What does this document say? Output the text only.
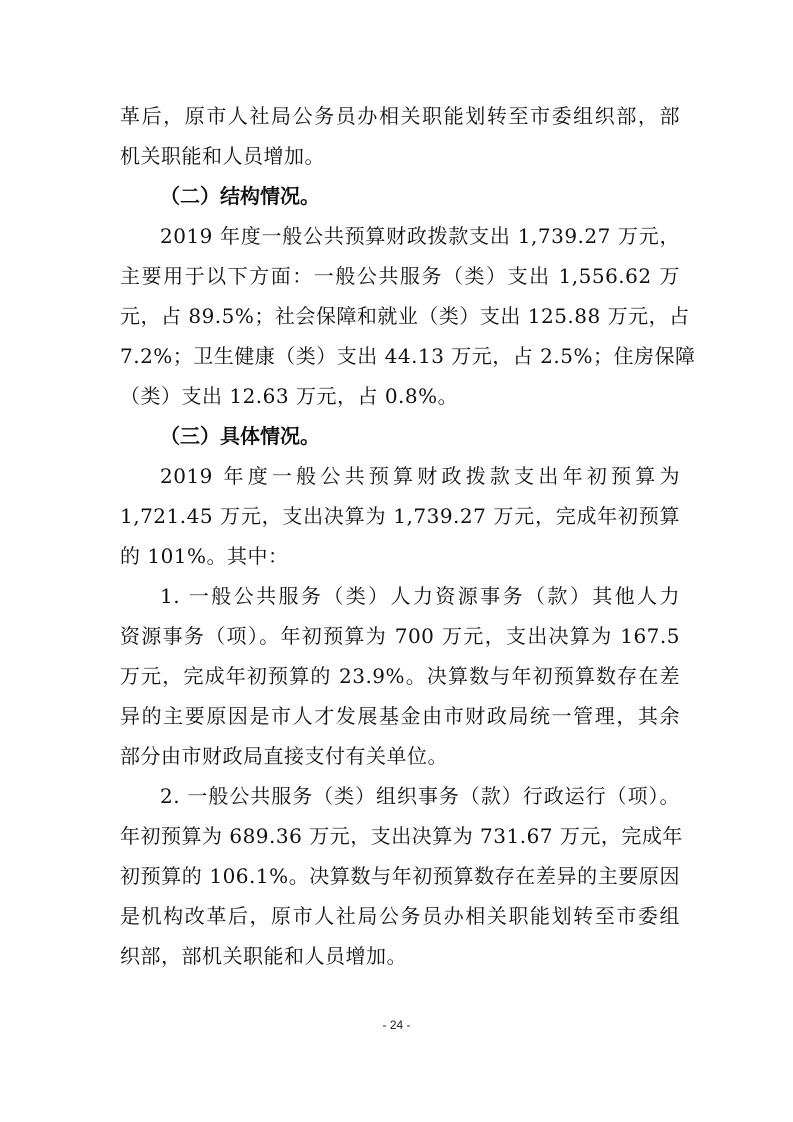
革后，原市人社局公务员办相关职能划转至市委组织部，部
机关职能和人员增加。
（二）结构情况。
2019 年度一般公共预算财政拨款支出 1,739.27 万元，
主要用于以下方面：一般公共服务（类）支出 1,556.62 万
元，占 89.5%；社会保障和就业（类）支出 125.88 万元，占
7.2%；卫生健康（类）支出 44.13 万元，占 2.5%；住房保障
（类）支出 12.63 万元，占 0.8%。
（三）具体情况。
2019 年度一般公共预算财政拨款支出年初预算为
1,721.45 万元，支出决算为 1,739.27 万元，完成年初预算
的 101%。其中：
1. 一般公共服务（类）人力资源事务（款）其他人力
资源事务（项）。年初预算为 700 万元，支出决算为 167.5
万元，完成年初预算的 23.9%。决算数与年初预算数存在差
异的主要原因是市人才发展基金由市财政局统一管理，其余
部分由市财政局直接支付有关单位。
2. 一般公共服务（类）组织事务（款）行政运行（项）。
年初预算为 689.36 万元，支出决算为 731.67 万元，完成年
初预算的 106.1%。决算数与年初预算数存在差异的主要原因
是机构改革后，原市人社局公务员办相关职能划转至市委组
织部，部机关职能和人员增加。
- 24 -
